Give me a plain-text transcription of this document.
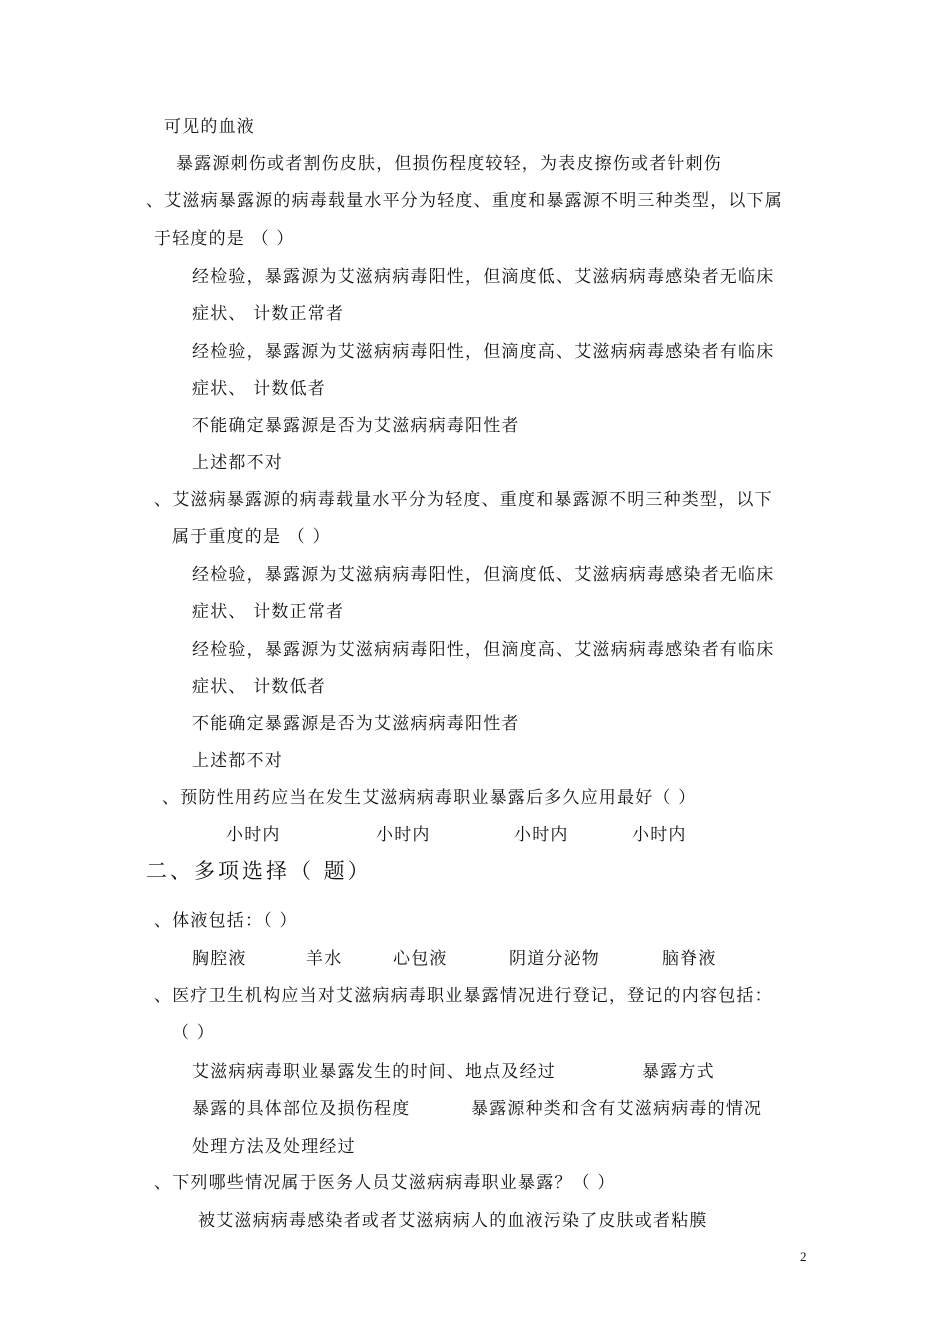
可见的血液
暴露源刺伤或者割伤皮肤，但损伤程度较轻，为表皮擦伤或者针刺伤
、艾滋病暴露源的病毒载量水平分为轻度、重度和暴露源不明三种类型，以下属
于轻度的是 （ ）
经检验，暴露源为艾滋病病毒阳性，但滴度低、艾滋病病毒感染者无临床
症状、 计数正常者
经检验，暴露源为艾滋病病毒阳性，但滴度高、艾滋病病毒感染者有临床
症状、 计数低者
不能确定暴露源是否为艾滋病病毒阳性者
上述都不对
、艾滋病暴露源的病毒载量水平分为轻度、重度和暴露源不明三种类型，以下
属于重度的是 （ ）
经检验，暴露源为艾滋病病毒阳性，但滴度低、艾滋病病毒感染者无临床
症状、 计数正常者
经检验，暴露源为艾滋病病毒阳性，但滴度高、艾滋病病毒感染者有临床
症状、 计数低者
不能确定暴露源是否为艾滋病病毒阳性者
上述都不对
、预防性用药应当在发生艾滋病病毒职业暴露后多久应用最好（ ）
小时内	小时内	小时内	小时内
二、多项选择（ 题）
、体液包括：（ ）
胸腔液	羊水	心包液	阴道分泌物	脑脊液
、医疗卫生机构应当对艾滋病病毒职业暴露情况进行登记，登记的内容包括：
（ ）
艾滋病病毒职业暴露发生的时间、地点及经过	暴露方式
暴露的具体部位及损伤程度	暴露源种类和含有艾滋病病毒的情况
处理方法及处理经过
、下列哪些情况属于医务人员艾滋病病毒职业暴露？（ ）
被艾滋病病毒感染者或者艾滋病病人的血液污染了皮肤或者粘膜
2
